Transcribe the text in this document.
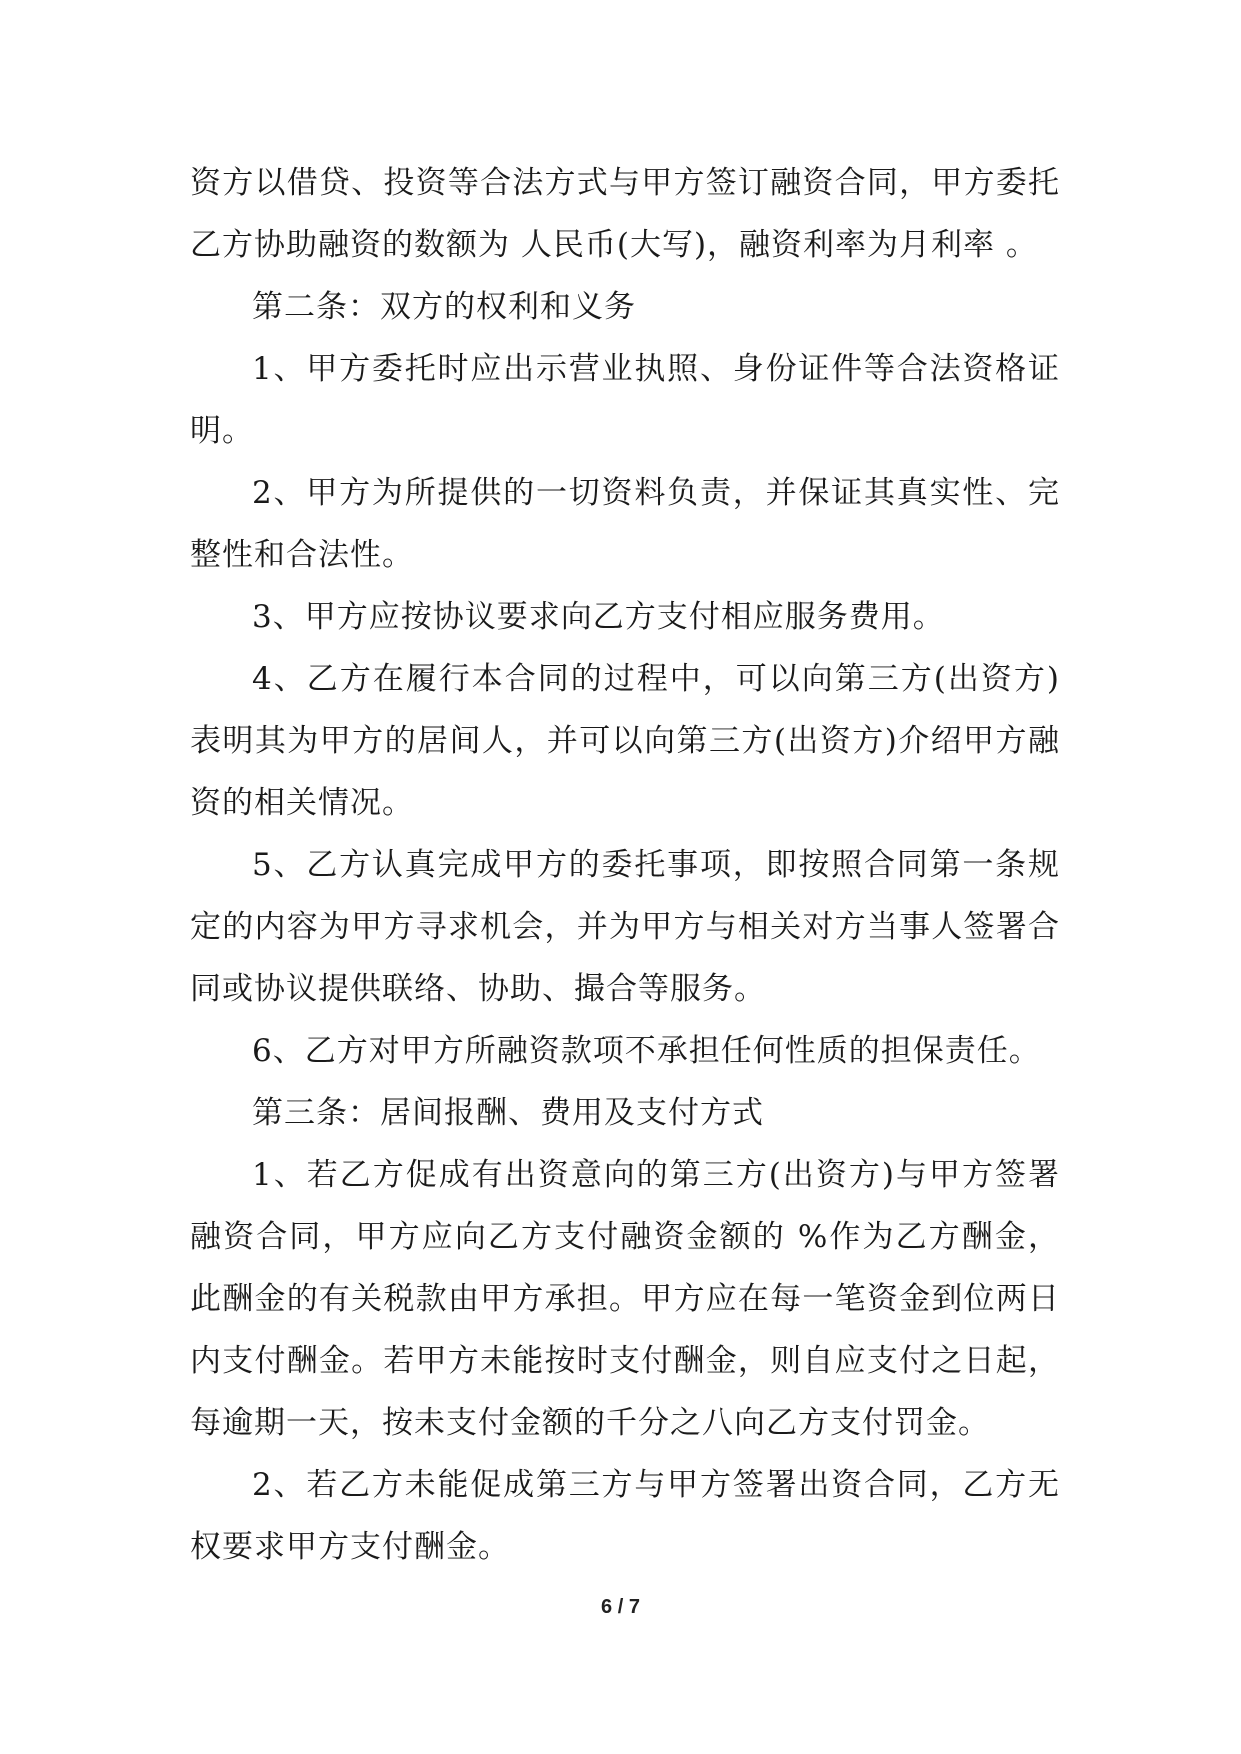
资方以借贷、投资等合法方式与甲方签订融资合同，甲方委托乙方协助融资的数额为 人民币(大写)，融资利率为月利率 。

第二条：双方的权利和义务

1、甲方委托时应出示营业执照、身份证件等合法资格证明。

2、甲方为所提供的一切资料负责，并保证其真实性、完整性和合法性。

3、甲方应按协议要求向乙方支付相应服务费用。

4、乙方在履行本合同的过程中，可以向第三方(出资方)表明其为甲方的居间人，并可以向第三方(出资方)介绍甲方融资的相关情况。

5、乙方认真完成甲方的委托事项，即按照合同第一条规定的内容为甲方寻求机会，并为甲方与相关对方当事人签署合同或协议提供联络、协助、撮合等服务。

6、乙方对甲方所融资款项不承担任何性质的担保责任。

第三条：居间报酬、费用及支付方式

1、若乙方促成有出资意向的第三方(出资方)与甲方签署融资合同，甲方应向乙方支付融资金额的 %作为乙方酬金，此酬金的有关税款由甲方承担。甲方应在每一笔资金到位两日内支付酬金。若甲方未能按时支付酬金，则自应支付之日起，每逾期一天，按未支付金额的千分之八向乙方支付罚金。

2、若乙方未能促成第三方与甲方签署出资合同，乙方无权要求甲方支付酬金。

6 / 7
